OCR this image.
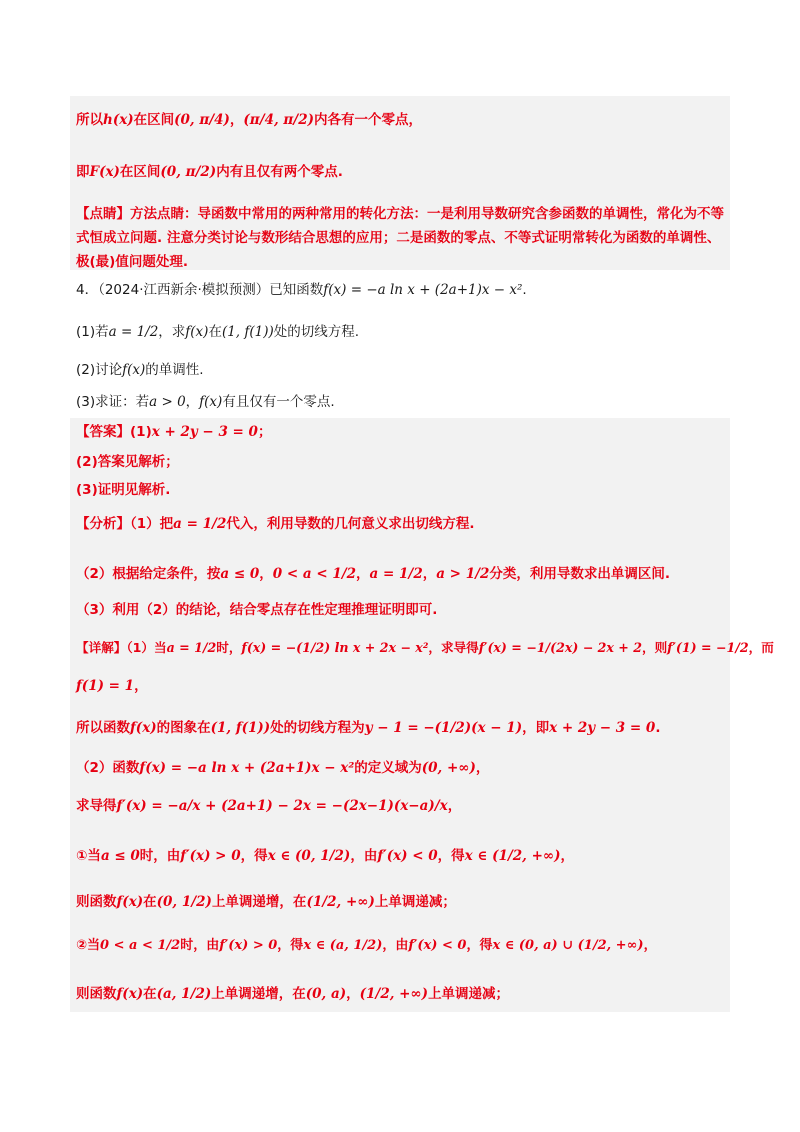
所以h(x)在区间(0, π/4)，(π/4, π/2)内各有一个零点，
即F(x)在区间(0, π/2)内有且仅有两个零点.
【点睛】方法点睛：导函数中常用的两种常用的转化方法：一是利用导数研究含参函数的单调性，常化为不等式恒成立问题. 注意分类讨论与数形结合思想的应用；二是函数的零点、不等式证明常转化为函数的单调性、极(最)值问题处理.
4．（2024·江西新余·模拟预测）已知函数f(x) = −a ln x + (2a+1)x − x².
(1)若a = 1/2，求f(x)在(1, f(1))处的切线方程.
(2)讨论f(x)的单调性.
(3)求证：若a > 0，f(x)有且仅有一个零点.
【答案】(1)x + 2y − 3 = 0；
(2)答案见解析；
(3)证明见解析.
【分析】（1）把a = 1/2代入，利用导数的几何意义求出切线方程.
（2）根据给定条件，按a ≤ 0，0 < a < 1/2，a = 1/2，a > 1/2分类，利用导数求出单调区间.
（3）利用（2）的结论，结合零点存在性定理推理证明即可.
【详解】（1）当a = 1/2时，f(x) = −(1/2) ln x + 2x − x²，求导得f′(x) = −1/(2x) − 2x + 2，则f′(1) = −1/2，而
f(1) = 1，
所以函数f(x)的图象在(1, f(1))处的切线方程为y − 1 = −(1/2)(x − 1)，即x + 2y − 3 = 0.
（2）函数f(x) = −a ln x + (2a+1)x − x²的定义域为(0, +∞)，
求导得f′(x) = −a/x + (2a+1) − 2x = −(2x−1)(x−a)/x，
①当a ≤ 0时，由f′(x) > 0，得x ∈ (0, 1/2)，由f′(x) < 0，得x ∈ (1/2, +∞)，
则函数f(x)在(0, 1/2)上单调递增，在(1/2, +∞)上单调递减；
②当0 < a < 1/2时，由f′(x) > 0，得x ∈ (a, 1/2)，由f′(x) < 0，得x ∈ (0, a) ∪ (1/2, +∞)，
则函数f(x)在(a, 1/2)上单调递增，在(0, a)，(1/2, +∞)上单调递减；
